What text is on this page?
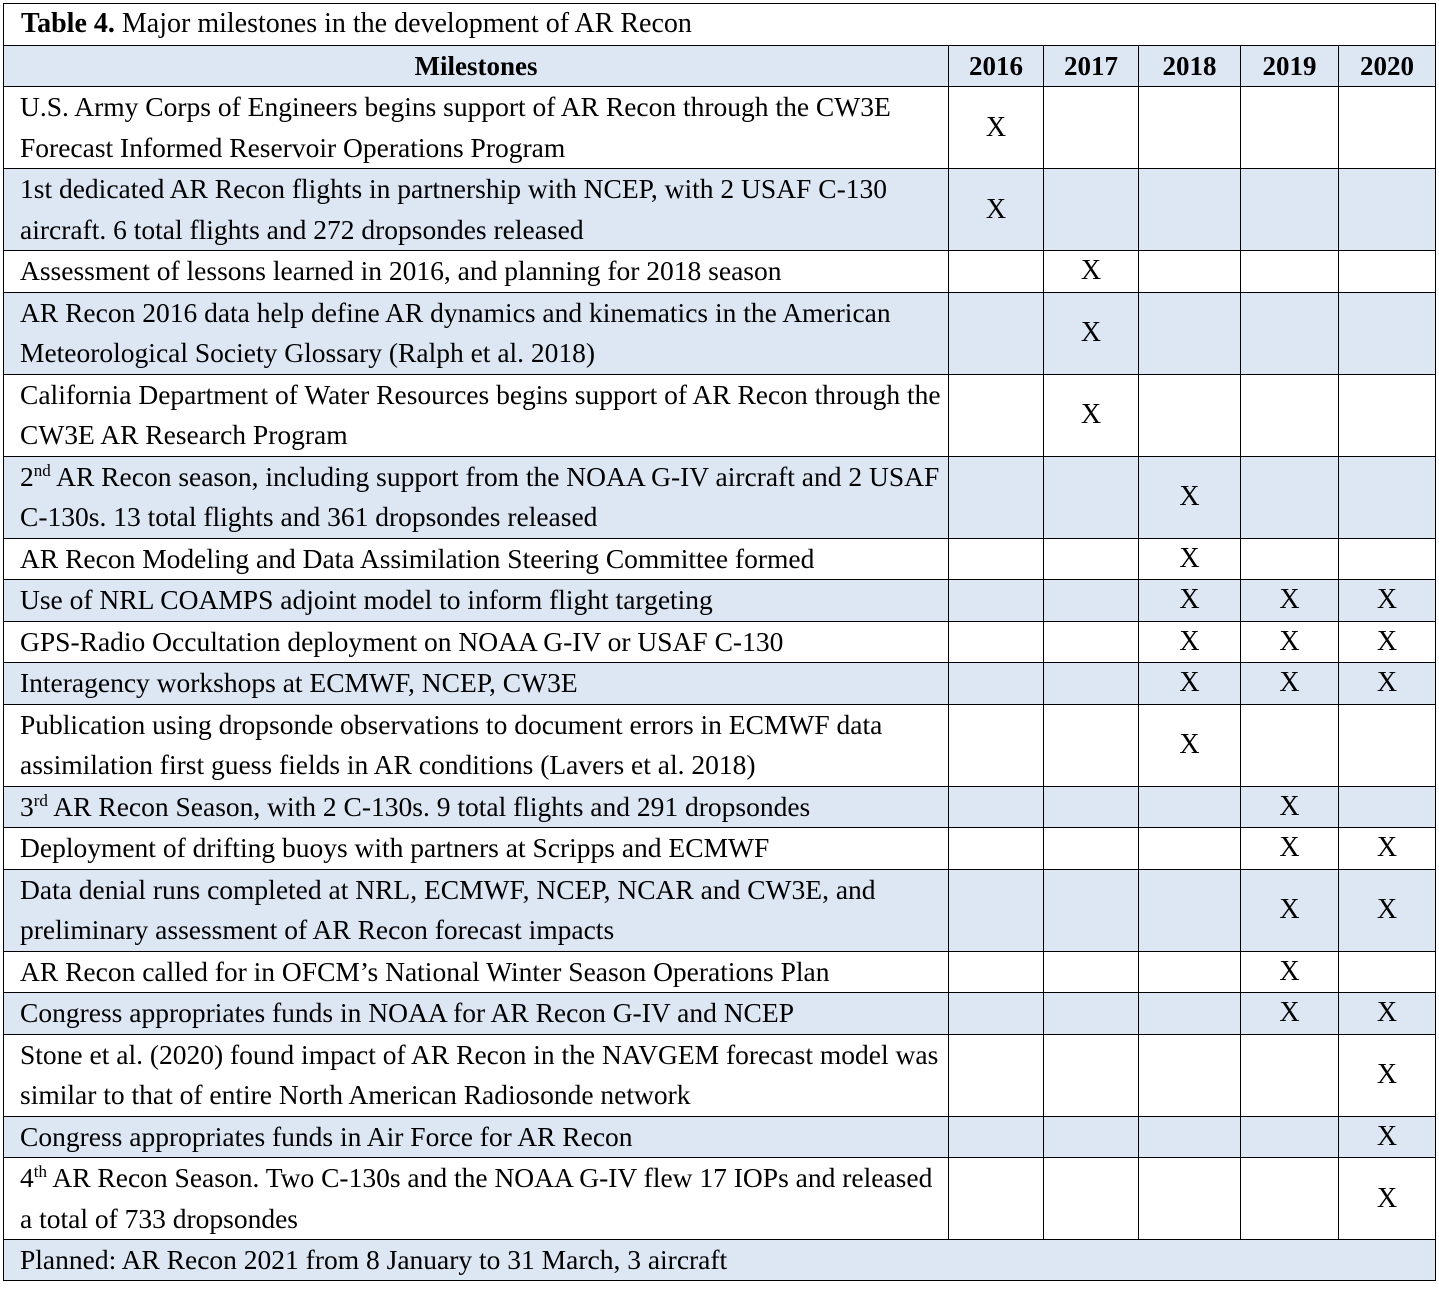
Table 4. Major milestones in the development of AR Recon					
Milestones	2016	2017	2018	2019	2020
U.S. Army Corps of Engineers begins support of AR Recon through the CW3E Forecast Informed Reservoir Operations Program	X				
1st dedicated AR Recon flights in partnership with NCEP, with 2 USAF C-130 aircraft. 6 total flights and 272 dropsondes released	X				
Assessment of lessons learned in 2016, and planning for 2018 season		X			
AR Recon 2016 data help define AR dynamics and kinematics in the American Meteorological Society Glossary (Ralph et al. 2018)		X			
California Department of Water Resources begins support of AR Recon through the CW3E AR Research Program		X			
2nd AR Recon season, including support from the NOAA G-IV aircraft and 2 USAF C-130s. 13 total flights and 361 dropsondes released			X		
AR Recon Modeling and Data Assimilation Steering Committee formed			X		
Use of NRL COAMPS adjoint model to inform flight targeting			X	X	X
GPS-Radio Occultation deployment on NOAA G-IV or USAF C-130			X	X	X
Interagency workshops at ECMWF, NCEP, CW3E			X	X	X
Publication using dropsonde observations to document errors in ECMWF data assimilation first guess fields in AR conditions (Lavers et al. 2018)			X		
3rd AR Recon Season, with 2 C-130s. 9 total flights and 291 dropsondes				X	
Deployment of drifting buoys with partners at Scripps and ECMWF				X	X
Data denial runs completed at NRL, ECMWF, NCEP, NCAR and CW3E, and preliminary assessment of AR Recon forecast impacts				X	X
AR Recon called for in OFCM’s National Winter Season Operations Plan				X	
Congress appropriates funds in NOAA for AR Recon G-IV and NCEP				X	X
Stone et al. (2020) found impact of AR Recon in the NAVGEM forecast model was similar to that of entire North American Radiosonde network					X
Congress appropriates funds in Air Force for AR Recon					X
4th AR Recon Season. Two C-130s and the NOAA G-IV flew 17 IOPs and released a total of 733 dropsondes					X
Planned: AR Recon 2021 from 8 January to 31 March, 3 aircraft					
